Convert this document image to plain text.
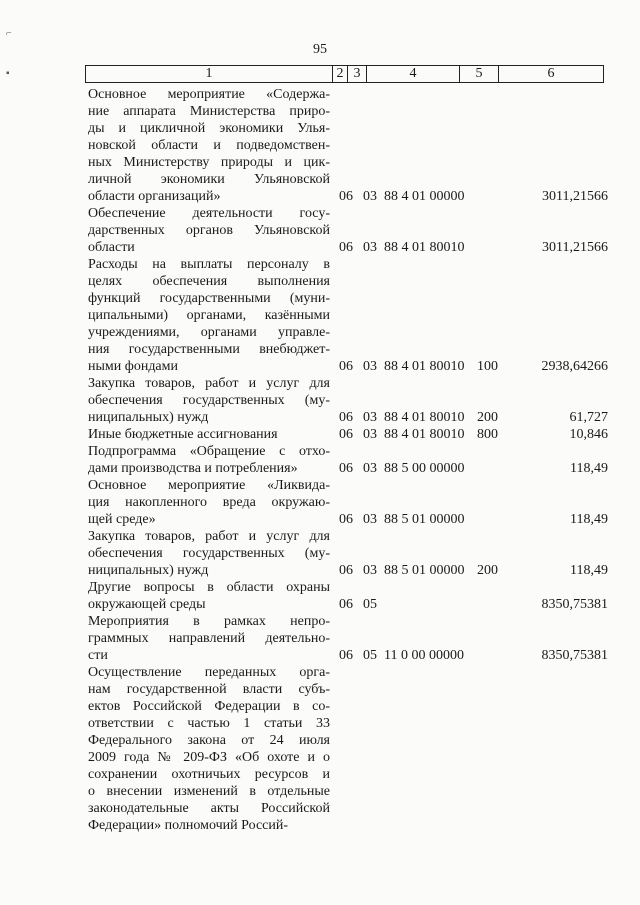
95
1	2	3	4	5	6
Основное мероприятие «Содержа-
ние аппарата Министерства приро-
ды и цикличной экономики Улья-
новской области и подведомствен-
ных Министерству природы и цик-
личной экономики Ульяновской
области организаций»	06 03 88 4 01 00000	3011,21566
Обеспечение деятельности госу-
дарственных органов Ульяновской
области	06 03 88 4 01 80010	3011,21566
Расходы на выплаты персоналу в
целях обеспечения выполнения
функций государственными (муни-
ципальными) органами, казёнными
учреждениями, органами управле-
ния государственными внебюджет-
ными фондами	06 03 88 4 01 80010 100	2938,64266
Закупка товаров, работ и услуг для
обеспечения государственных (му-
ниципальных) нужд	06 03 88 4 01 80010 200	61,727
Иные бюджетные ассигнования	06 03 88 4 01 80010 800	10,846
Подпрограмма «Обращение с отхо-
дами производства и потребления»	06 03 88 5 00 00000	118,49
Основное мероприятие «Ликвида-
ция накопленного вреда окружаю-
щей среде»	06 03 88 5 01 00000	118,49
Закупка товаров, работ и услуг для
обеспечения государственных (му-
ниципальных) нужд	06 03 88 5 01 00000 200	118,49
Другие вопросы в области охраны
окружающей среды	06 05	8350,75381
Мероприятия в рамках непро-
граммных направлений деятельно-
сти	06 05 11 0 00 00000	8350,75381
Осуществление переданных орга-
нам государственной власти субъ-
ектов Российской Федерации в со-
ответствии с частью 1 статьи 33
Федерального закона от 24 июля
2009 года № 209-ФЗ «Об охоте и о
сохранении охотничьих ресурсов и
о внесении изменений в отдельные
законодательные акты Российской
Федерации» полномочий Россий-
⌐
▪
